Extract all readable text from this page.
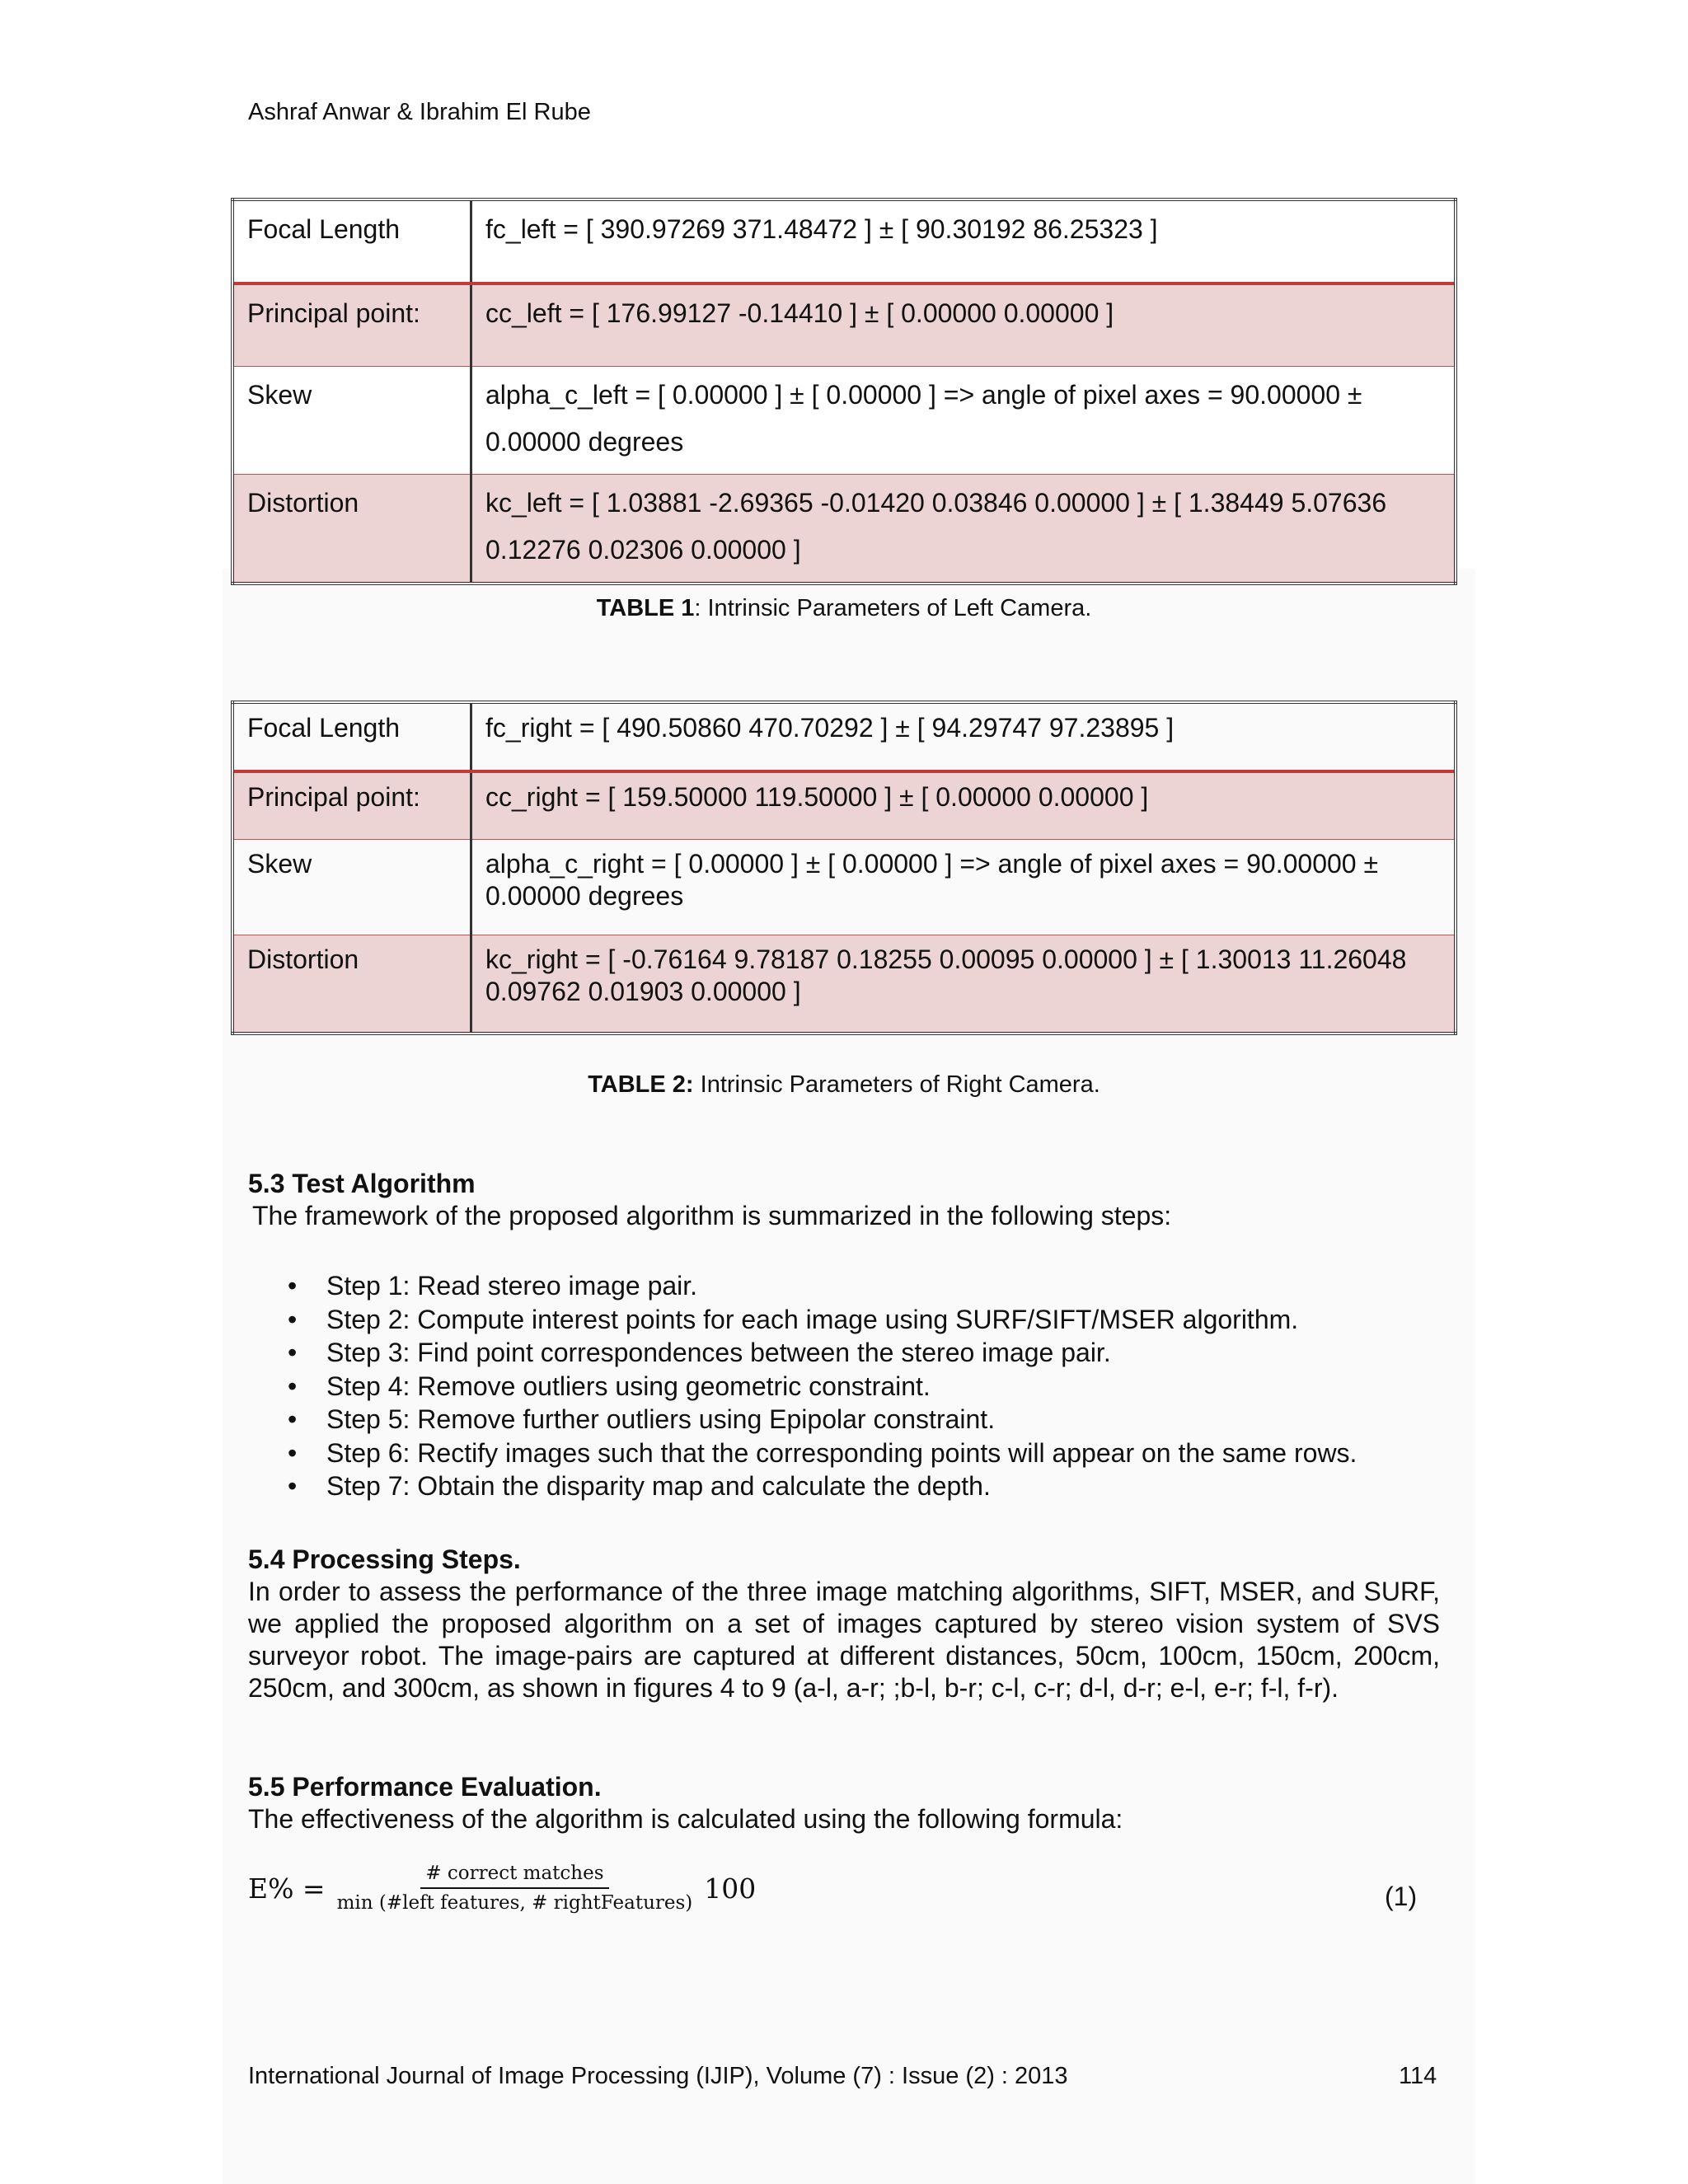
Ashraf Anwar & Ibrahim El Rube
Focal Length	fc_left = [ 390.97269 371.48472 ] ± [ 90.30192 86.25323 ]
Principal point:	cc_left = [ 176.99127 -0.14410 ] ± [ 0.00000 0.00000 ]
Skew	alpha_c_left = [ 0.00000 ] ± [ 0.00000 ] => angle of pixel axes = 90.00000 ± 0.00000 degrees
Distortion	kc_left = [ 1.03881 -2.69365 -0.01420 0.03846 0.00000 ] ± [ 1.38449 5.07636 0.12276 0.02306 0.00000 ]
TABLE 1: Intrinsic Parameters of Left Camera.
Focal Length	fc_right = [ 490.50860 470.70292 ] ± [ 94.29747 97.23895 ]
Principal point:	cc_right = [ 159.50000 119.50000 ] ± [ 0.00000 0.00000 ]
Skew	alpha_c_right = [ 0.00000 ] ± [ 0.00000 ] => angle of pixel axes = 90.00000 ± 0.00000 degrees
Distortion	kc_right = [ -0.76164 9.78187 0.18255 0.00095 0.00000 ] ± [ 1.30013 11.26048 0.09762 0.01903 0.00000 ]
TABLE 2: Intrinsic Parameters of Right Camera.
5.3 Test Algorithm
The framework of the proposed algorithm is summarized in the following steps:
• Step 1: Read stereo image pair.
• Step 2: Compute interest points for each image using SURF/SIFT/MSER algorithm.
• Step 3: Find point correspondences between the stereo image pair.
• Step 4: Remove outliers using geometric constraint.
• Step 5: Remove further outliers using Epipolar constraint.
• Step 6: Rectify images such that the corresponding points will appear on the same rows.
• Step 7: Obtain the disparity map and calculate the depth.
5.4 Processing Steps.
In order to assess the performance of the three image matching algorithms, SIFT, MSER, and SURF, we applied the proposed algorithm on a set of images captured by stereo vision system of SVS surveyor robot. The image-pairs are captured at different distances, 50cm, 100cm, 150cm, 200cm, 250cm, and 300cm, as shown in figures 4 to 9 (a-l, a-r; ;b-l, b-r; c-l, c-r; d-l, d-r; e-l, e-r; f-l, f-r).
5.5 Performance Evaluation.
The effectiveness of the algorithm is calculated using the following formula:
$E\% = \frac{\text{\# correct matches}}{\text{min (\#left features, \# rightFeatures)}} 100$	(1)
International Journal of Image Processing (IJIP), Volume (7) : Issue (2) : 2013	114
